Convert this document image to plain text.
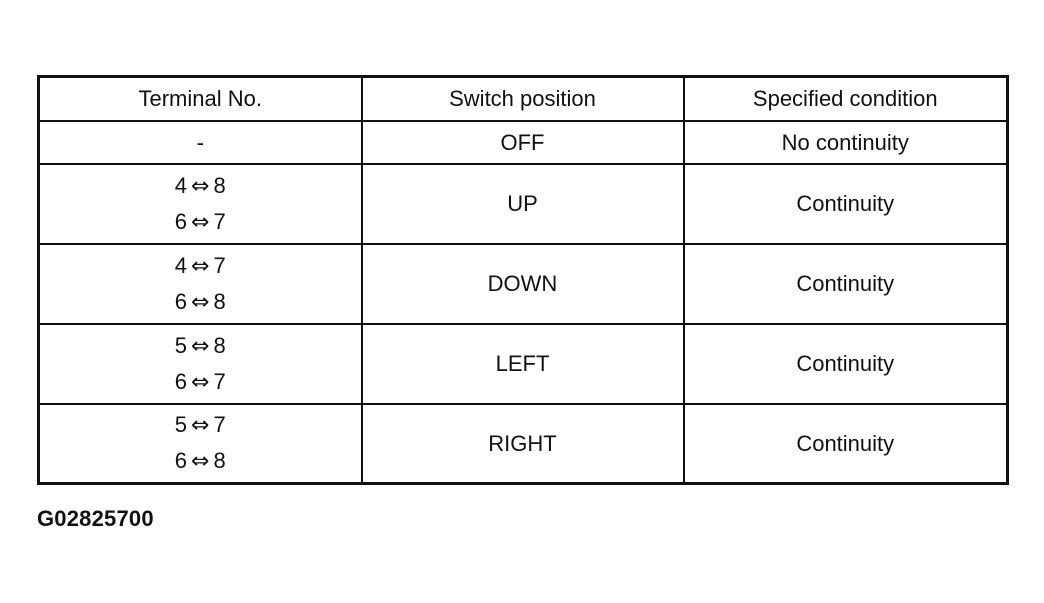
Terminal No.	Switch position	Specified condition

-	OFF	No continuity

4 ⇔ 8
6 ⇔ 7	UP	Continuity

4 ⇔ 7
6 ⇔ 8	DOWN	Continuity

5 ⇔ 8
6 ⇔ 7	LEFT	Continuity

5 ⇔ 7
6 ⇔ 8	RIGHT	Continuity
G02825700
